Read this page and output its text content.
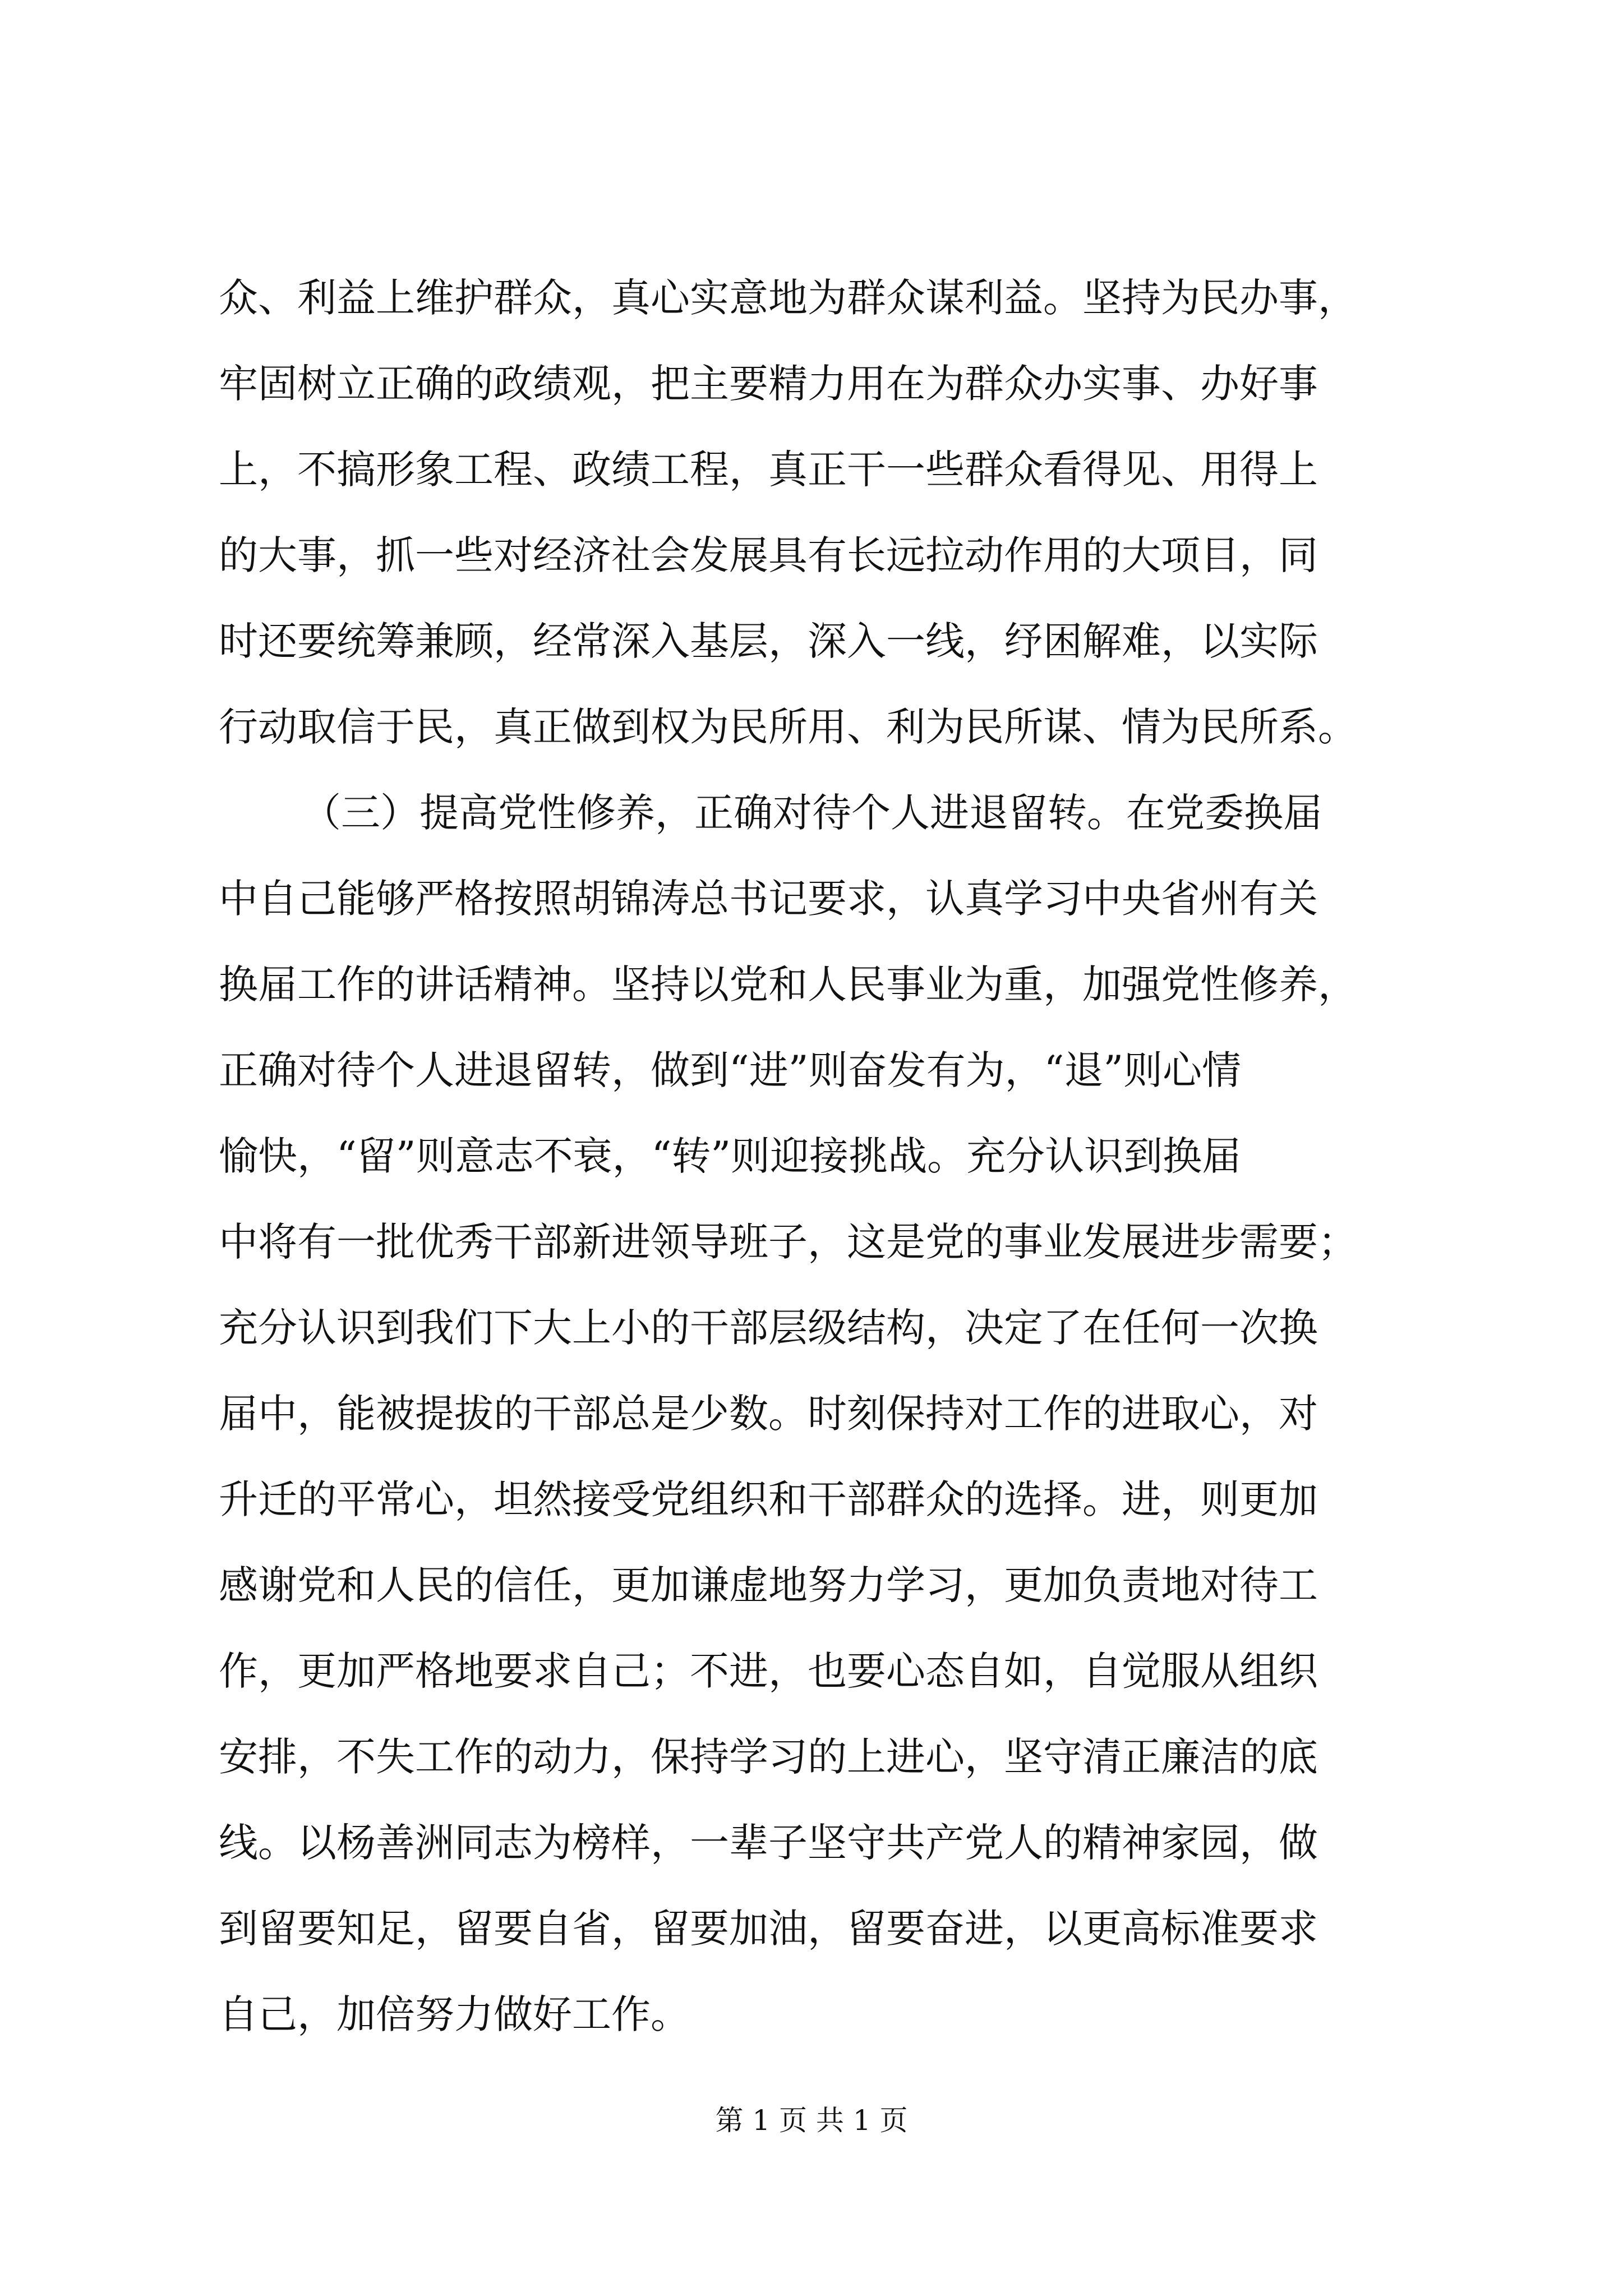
众、利益上维护群众，真心实意地为群众谋利益。坚持为民办事，
牢固树立正确的政绩观，把主要精力用在为群众办实事、办好事
上，不搞形象工程、政绩工程，真正干一些群众看得见、用得上
的大事，抓一些对经济社会发展具有长远拉动作用的大项目，同
时还要统筹兼顾，经常深入基层，深入一线，纾困解难，以实际
行动取信于民，真正做到权为民所用、利为民所谋、情为民所系。
（三）提高党性修养，正确对待个人进退留转。在党委换届
中自己能够严格按照胡锦涛总书记要求，认真学习中央省州有关
换届工作的讲话精神。坚持以党和人民事业为重，加强党性修养，
正确对待个人进退留转，做到“进”则奋发有为，“退”则心情
愉快，“留”则意志不衰，“转”则迎接挑战。充分认识到换届
中将有一批优秀干部新进领导班子，这是党的事业发展进步需要；
充分认识到我们下大上小的干部层级结构，决定了在任何一次换
届中，能被提拔的干部总是少数。时刻保持对工作的进取心，对
升迁的平常心，坦然接受党组织和干部群众的选择。进，则更加
感谢党和人民的信任，更加谦虚地努力学习，更加负责地对待工
作，更加严格地要求自己；不进，也要心态自如，自觉服从组织
安排，不失工作的动力，保持学习的上进心，坚守清正廉洁的底
线。以杨善洲同志为榜样，一辈子坚守共产党人的精神家园，做
到留要知足，留要自省，留要加油，留要奋进，以更高标准要求
自己，加倍努力做好工作。
第 1 页 共 1 页
